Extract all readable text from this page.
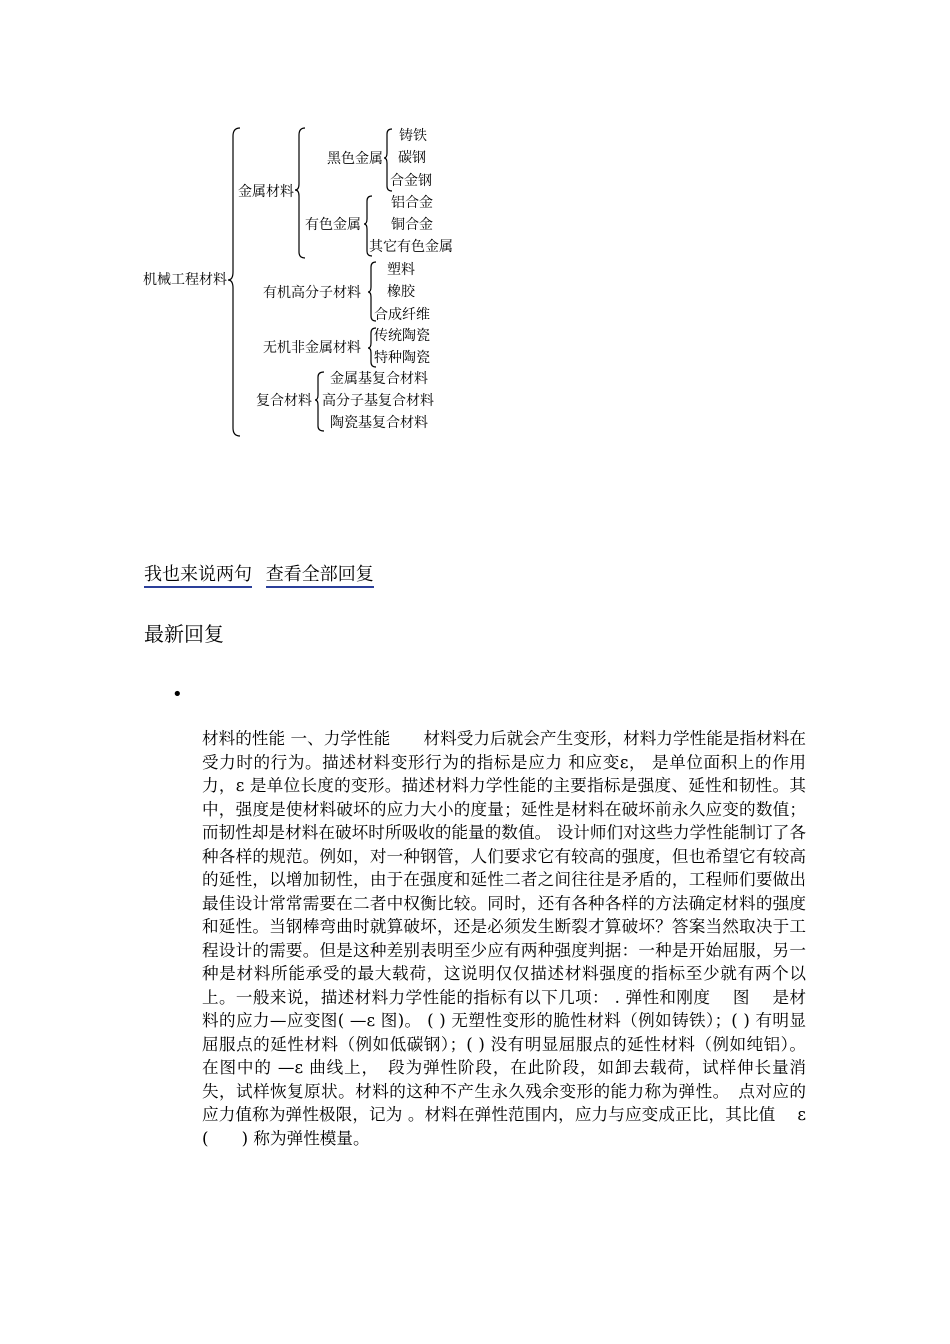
机械工程材料
金属材料
黑色金属
铸铁
碳钢
合金钢
有色金属
铝合金
铜合金
其它有色金属
有机高分子材料
塑料
橡胶
合成纤维
无机非金属材料
传统陶瓷
特种陶瓷
复合材料
金属基复合材料
高分子基复合材料
陶瓷基复合材料
我也来说两句 查看全部回复
最新回复
•
材料的性能 一、力学性能　　材料受力后就会产生变形，材料力学性能是指材料在受力时的行为。描述材料变形行为的指标是应力 和应变ε， 是单位面积上的作用力，ε 是单位长度的变形。描述材料力学性能的主要指标是强度、延性和韧性。其中，强度是使材料破坏的应力大小的度量；延性是材料在破坏前永久应变的数值；而韧性却是材料在破坏时所吸收的能量的数值。 设计师们对这些力学性能制订了各种各样的规范。例如，对一种钢管，人们要求它有较高的强度，但也希望它有较高的延性，以增加韧性，由于在强度和延性二者之间往往是矛盾的，工程师们要做出最佳设计常常需要在二者中权衡比较。同时，还有各种各样的方法确定材料的强度和延性。当钢棒弯曲时就算破坏，还是必须发生断裂才算破坏？答案当然取决于工程设计的需要。但是这种差别表明至少应有两种强度判据：一种是开始屈服，另一种是材料所能承受的最大载荷，这说明仅仅描述材料强度的指标至少就有两个以上。一般来说，描述材料力学性能的指标有以下几项： . 弹性和刚度　 图　 是材料的应力—应变图( —ε 图)。 ( ) 无塑性变形的脆性材料（例如铸铁）；( ) 有明显屈服点的延性材料（例如低碳钢）；( ) 没有明显屈服点的延性材料（例如纯铝）。在图中的 —ε 曲线上，　段为弹性阶段，在此阶段，如卸去载荷，试样伸长量消失，试样恢复原状。材料的这种不产生永久残余变形的能力称为弹性。　点对应的应力值称为弹性极限，记为 。材料在弹性范围内，应力与应变成正比，其比值　 ε (　　) 称为弹性模量。
